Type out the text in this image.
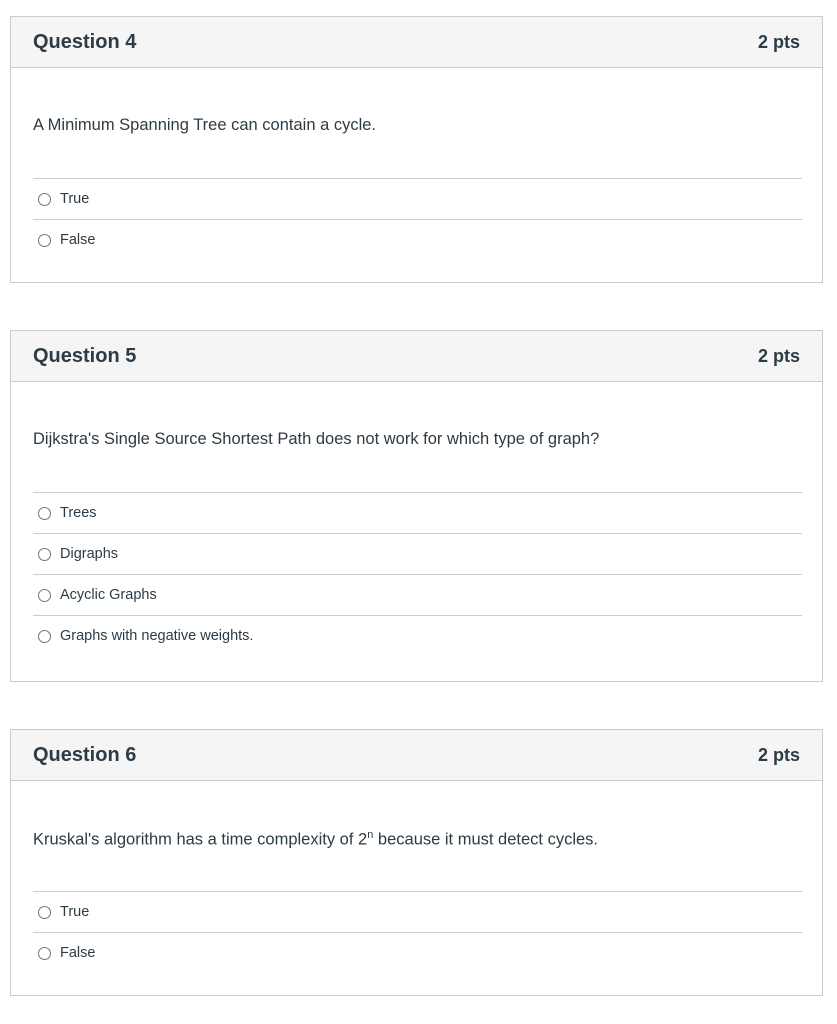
Question 4	2 pts
A Minimum Spanning Tree can contain a cycle.
True
False
Question 5	2 pts
Dijkstra's Single Source Shortest Path does not work for which type of graph?
Trees
Digraphs
Acyclic Graphs
Graphs with negative weights.
Question 6	2 pts
Kruskal's algorithm has a time complexity of 2$^n$ because it must detect cycles.
True
False
